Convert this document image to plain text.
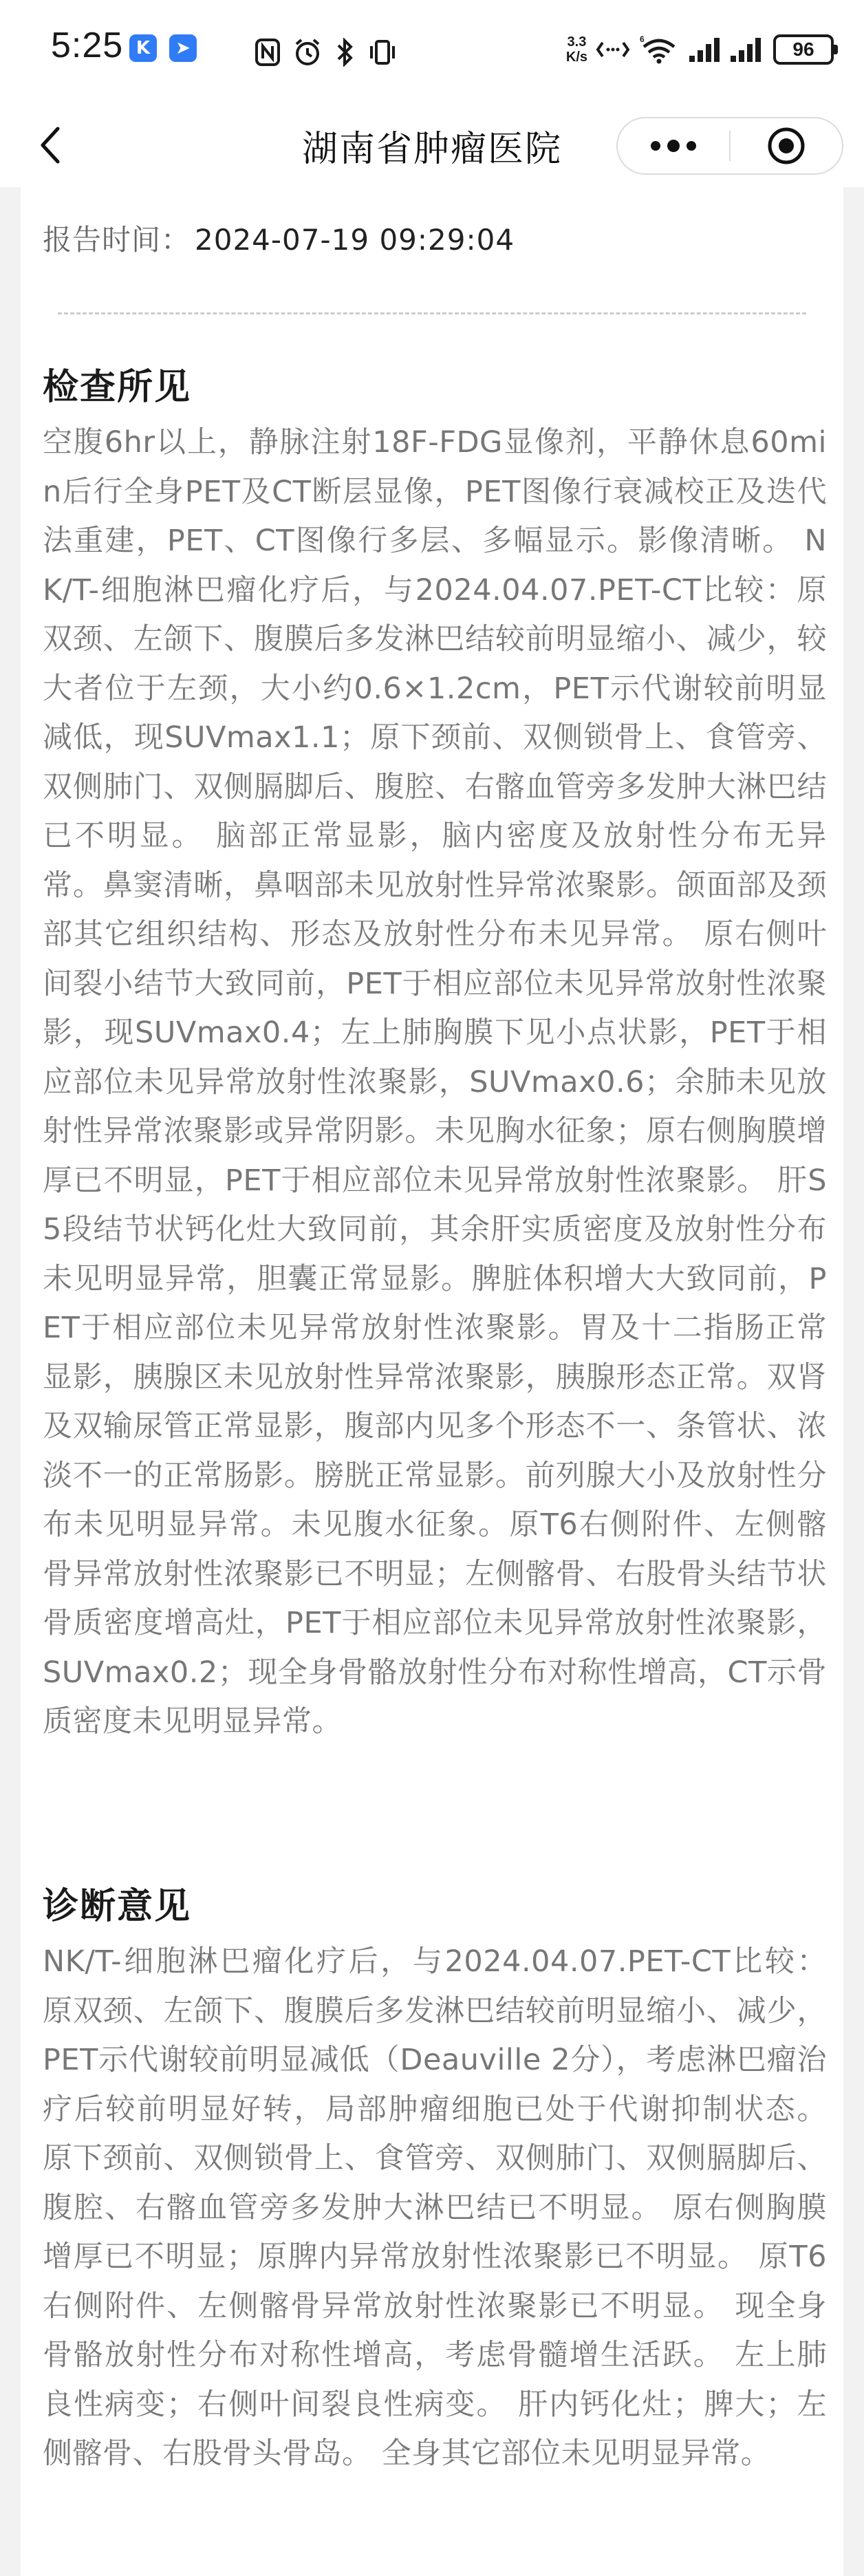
5:25 K	➤	3.3
K/s
6	96
湖南省肿瘤医院
报告时间： 2024-07-19 09:29:04
检查所见
空腹6hr以上，静脉注射18F-FDG显像剂，平静休息60min后行全身PET及CT断层显像，PET图像行衰减校正及迭代法重建，PET、CT图像行多层、多幅显示。影像清晰。 NK/T-细胞淋巴瘤化疗后，与2024.04.07.PET-CT比较：原双颈、左颌下、腹膜后多发淋巴结较前明显缩小、减少，较大者位于左颈，大小约0.6×1.2cm，PET示代谢较前明显减低，现SUVmax1.1；原下颈前、双侧锁骨上、食管旁、双侧肺门、双侧膈脚后、腹腔、右髂血管旁多发肿大淋巴结已不明显。 脑部正常显影，脑内密度及放射性分布无异常。鼻窦清晰，鼻咽部未见放射性异常浓聚影。颌面部及颈部其它组织结构、形态及放射性分布未见异常。 原右侧叶间裂小结节大致同前，PET于相应部位未见异常放射性浓聚影，现SUVmax0.4；左上肺胸膜下见小点状影，PET于相应部位未见异常放射性浓聚影，SUVmax0.6；余肺未见放射性异常浓聚影或异常阴影。未见胸水征象；原右侧胸膜增厚已不明显，PET于相应部位未见异常放射性浓聚影。 肝S5段结节状钙化灶大致同前，其余肝实质密度及放射性分布未见明显异常，胆囊正常显影。脾脏体积增大大致同前，PET于相应部位未见异常放射性浓聚影。胃及十二指肠正常显影，胰腺区未见放射性异常浓聚影，胰腺形态正常。双肾及双输尿管正常显影，腹部内见多个形态不一、条管状、浓淡不一的正常肠影。膀胱正常显影。前列腺大小及放射性分布未见明显异常。未见腹水征象。原T6右侧附件、左侧髂骨异常放射性浓聚影已不明显；左侧髂骨、右股骨头结节状骨质密度增高灶，PET于相应部位未见异常放射性浓聚影，SUVmax0.2；现全身骨骼放射性分布对称性增高，CT示骨质密度未见明显异常。
诊断意见
NK/T-细胞淋巴瘤化疗后，与2024.04.07.PET-CT比较： 原双颈、左颌下、腹膜后多发淋巴结较前明显缩小、减少，PET示代谢较前明显减低（Deauville 2分），考虑淋巴瘤治疗后较前明显好转，局部肿瘤细胞已处于代谢抑制状态。 原下颈前、双侧锁骨上、食管旁、双侧肺门、双侧膈脚后、腹腔、右髂血管旁多发肿大淋巴结已不明显。 原右侧胸膜增厚已不明显；原脾内异常放射性浓聚影已不明显。 原T6右侧附件、左侧髂骨异常放射性浓聚影已不明显。 现全身骨骼放射性分布对称性增高，考虑骨髓增生活跃。 左上肺良性病变；右侧叶间裂良性病变。 肝内钙化灶；脾大；左侧髂骨、右股骨头骨岛。 全身其它部位未见明显异常。
